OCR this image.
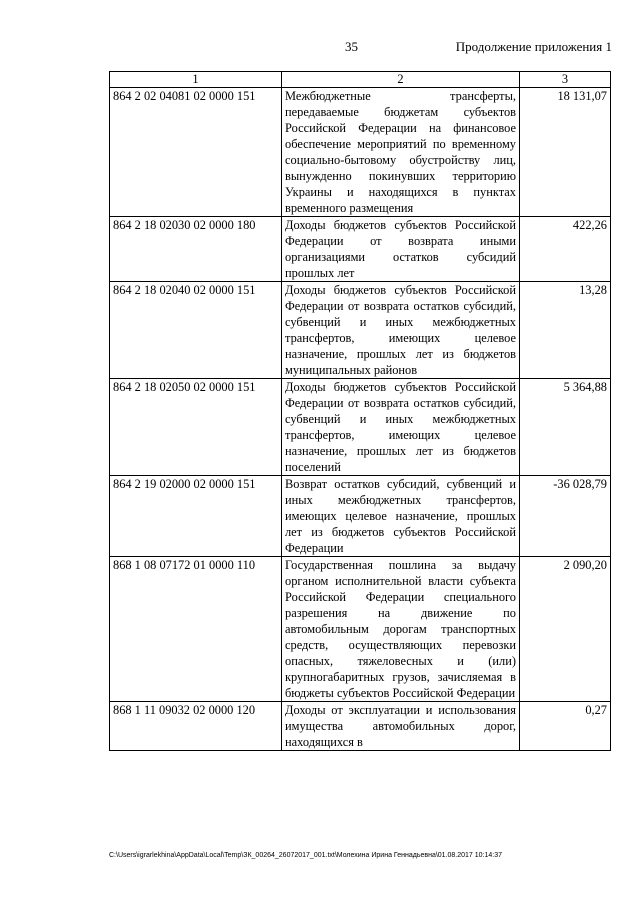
35	Продолжение приложения 1
1	2	3
864 2 02 04081 02 0000 151	Межбюджетные трансферты, передаваемые бюджетам субъектов Российской Федерации на финансовое обеспечение мероприятий по временному социально-бытовому обустройству лиц, вынужденно покинувших территорию Украины и находящихся в пунктах временного размещения	18 131,07
864 2 18 02030 02 0000 180	Доходы бюджетов субъектов Российской Федерации от возврата иными организациями остатков субсидий прошлых лет	422,26
864 2 18 02040 02 0000 151	Доходы бюджетов субъектов Российской Федерации от возврата остатков субсидий, субвенций и иных межбюджетных трансфертов, имеющих целевое назначение, прошлых лет из бюджетов муниципальных районов	13,28
864 2 18 02050 02 0000 151	Доходы бюджетов субъектов Российской Федерации от возврата остатков субсидий, субвенций и иных межбюджетных трансфертов, имеющих целевое назначение, прошлых лет из бюджетов поселений	5 364,88
864 2 19 02000 02 0000 151	Возврат остатков субсидий, субвенций и иных межбюджетных трансфертов, имеющих целевое назначение, прошлых лет из бюджетов субъектов Российской Федерации	-36 028,79
868 1 08 07172 01 0000 110	Государственная пошлина за выдачу органом исполнительной власти субъекта Российской Федерации специального разрешения на движение по автомобильным дорогам транспортных средств, осуществляющих перевозки опасных, тяжеловесных и (или) крупногабаритных грузов, зачисляемая в бюджеты субъектов Российской Федерации	2 090,20
868 1 11 09032 02 0000 120	Доходы от эксплуатации и использования имущества автомобильных дорог, находящихся в	0,27
C:\Users\igrarlekhina\AppData\Local\Temp\ЗК_00264_26072017_001.txt\Молехина Ирина Геннадьевна\01.08.2017 10:14:37
